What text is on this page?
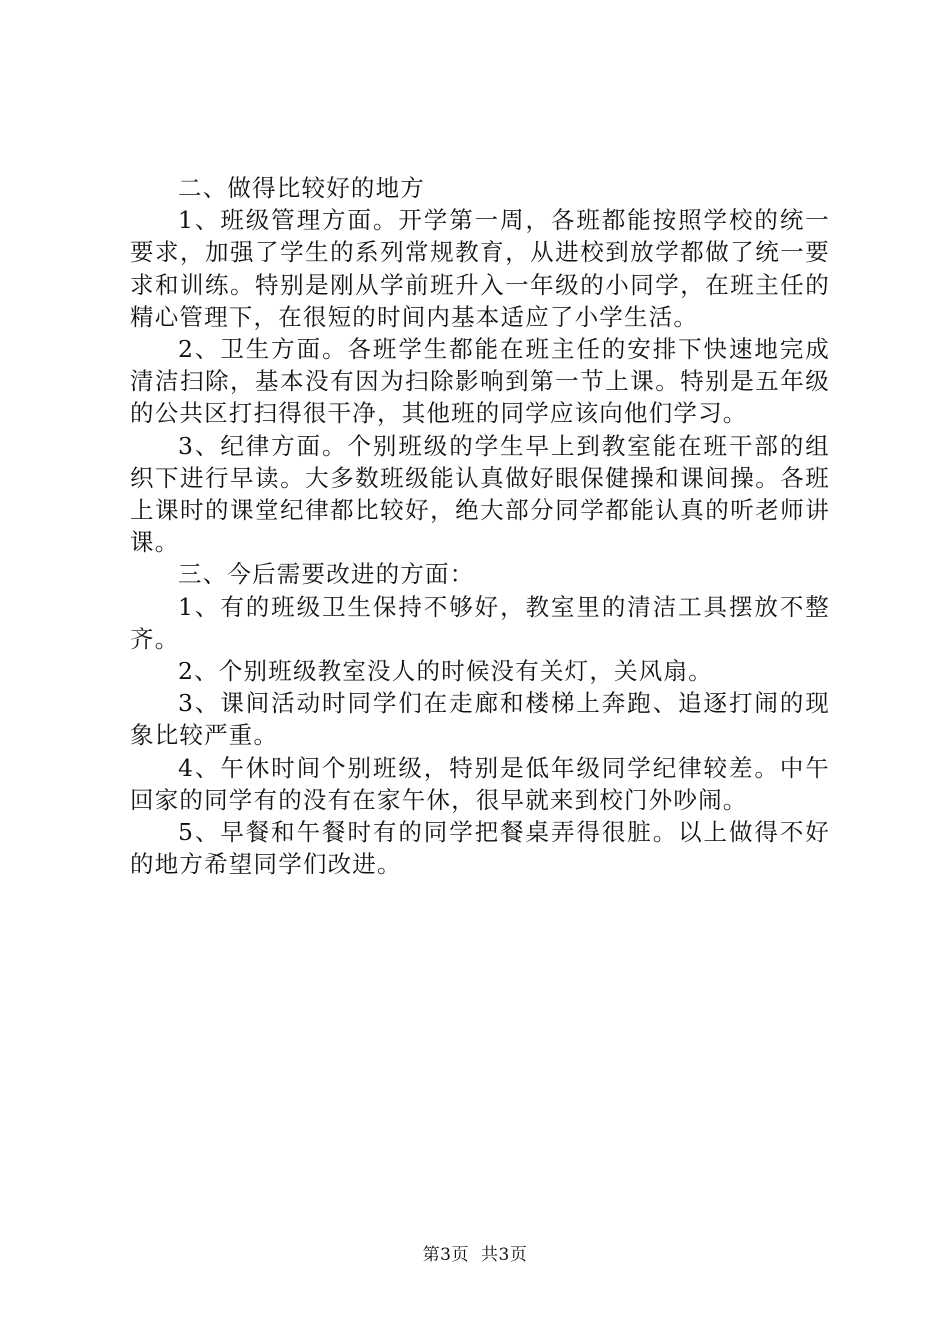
二、做得比较好的地方

1、班级管理方面。开学第一周，各班都能按照学校的统一要求，加强了学生的系列常规教育，从进校到放学都做了统一要求和训练。特别是刚从学前班升入一年级的小同学，在班主任的精心管理下，在很短的时间内基本适应了小学生活。

2、卫生方面。各班学生都能在班主任的安排下快速地完成清洁扫除，基本没有因为扫除影响到第一节上课。特别是五年级的公共区打扫得很干净，其他班的同学应该向他们学习。

3、纪律方面。个别班级的学生早上到教室能在班干部的组织下进行早读。大多数班级能认真做好眼保健操和课间操。各班上课时的课堂纪律都比较好，绝大部分同学都能认真的听老师讲课。

三、今后需要改进的方面：

1、有的班级卫生保持不够好，教室里的清洁工具摆放不整齐。

2、个别班级教室没人的时候没有关灯，关风扇。

3、课间活动时同学们在走廊和楼梯上奔跑、追逐打闹的现象比较严重。

4、午休时间个别班级，特别是低年级同学纪律较差。中午回家的同学有的没有在家午休，很早就来到校门外吵闹。

5、早餐和午餐时有的同学把餐桌弄得很脏。以上做得不好的地方希望同学们改进。

第3页 共3页
